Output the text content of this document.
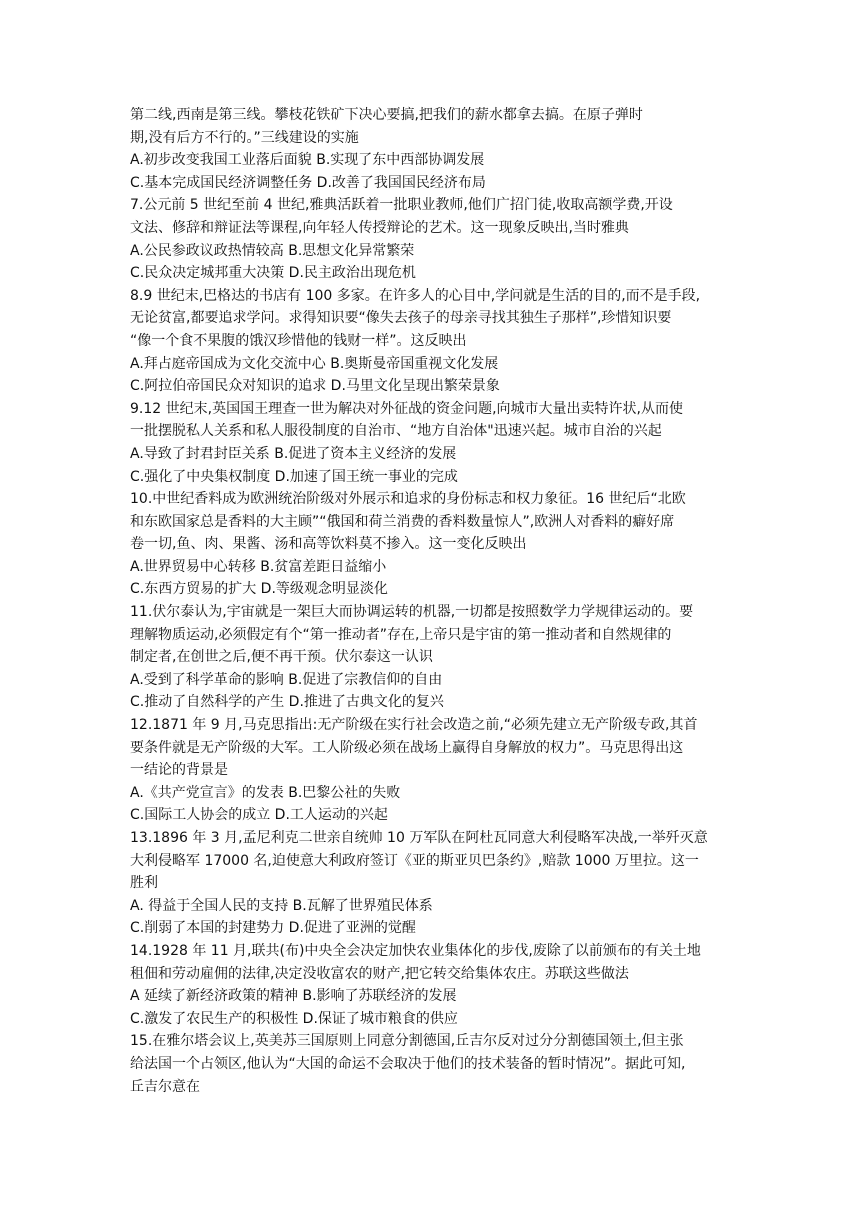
第二线,西南是第三线。攀枝花铁矿下决心要搞,把我们的薪水都拿去搞。在原子弹时
期,没有后方不行的。”三线建设的实施
A.初步改变我国工业落后面貌 B.实现了东中西部协调发展
C.基本完成国民经济调整任务 D.改善了我国国民经济布局
7.公元前 5 世纪至前 4 世纪,雅典活跃着一批职业教师,他们广招门徒,收取高额学费,开设
文法、修辞和辩证法等课程,向年轻人传授辩论的艺术。这一现象反映出,当时雅典
A.公民参政议政热情较高 B.思想文化异常繁荣
C.民众决定城邦重大决策 D.民主政治出现危机
8.9 世纪末,巴格达的书店有 100 多家。在许多人的心目中,学问就是生活的目的,而不是手段,
无论贫富,都要追求学问。求得知识要“像失去孩子的母亲寻找其独生子那样”,珍惜知识要
“像一个食不果腹的饿汉珍惜他的钱财一样”。这反映出
A.拜占庭帝国成为文化交流中心 B.奥斯曼帝国重视文化发展
C.阿拉伯帝国民众对知识的追求 D.马里文化呈现出繁荣景象
9.12 世纪末,英国国王理查一世为解决对外征战的资金问题,向城市大量出卖特许状,从而使
一批摆脱私人关系和私人服役制度的自治市、“地方自治体"迅速兴起。城市自治的兴起
A.导致了封君封臣关系 B.促进了资本主义经济的发展
C.强化了中央集权制度 D.加速了国王统一事业的完成
10.中世纪香料成为欧洲统治阶级对外展示和追求的身份标志和权力象征。16 世纪后“北欧
和东欧国家总是香料的大主顾”“俄国和荷兰消费的香料数量惊人”,欧洲人对香料的癖好席
卷一切,鱼、肉、果酱、汤和高等饮料莫不掺入。这一变化反映出
A.世界贸易中心转移 B.贫富差距日益缩小
C.东西方贸易的扩大 D.等级观念明显淡化
11.伏尔泰认为,宇宙就是一架巨大而协调运转的机器,一切都是按照数学力学规律运动的。要
理解物质运动,必须假定有个“第一推动者”存在,上帝只是宇宙的第一推动者和自然规律的
制定者,在创世之后,便不再干预。伏尔泰这一认识
A.受到了科学革命的影响 B.促进了宗教信仰的自由
C.推动了自然科学的产生 D.推进了古典文化的复兴
12.1871 年 9 月,马克思指出:无产阶级在实行社会改造之前,“必须先建立无产阶级专政,其首
要条件就是无产阶级的大军。工人阶级必须在战场上赢得自身解放的权力”。马克思得出这
一结论的背景是
A.《共产党宣言》的发表 B.巴黎公社的失败
C.国际工人协会的成立 D.工人运动的兴起
13.1896 年 3 月,孟尼利克二世亲自统帅 10 万军队在阿杜瓦同意大利侵略军决战,一举歼灭意
大利侵略军 17000 名,迫使意大利政府签订《亚的斯亚贝巴条约》,赔款 1000 万里拉。这一
胜利
A. 得益于全国人民的支持 B.瓦解了世界殖民体系
C.削弱了本国的封建势力 D.促进了亚洲的觉醒
14.1928 年 11 月,联共(布)中央全会决定加快农业集体化的步伐,废除了以前颁布的有关土地
租佃和劳动雇佣的法律,决定没收富农的财产,把它转交给集体农庄。苏联这些做法
A 延续了新经济政策的精神 B.影响了苏联经济的发展
C.激发了农民生产的积极性 D.保证了城市粮食的供应
15.在雅尔塔会议上,英美苏三国原则上同意分割德国,丘吉尔反对过分分割德国领土,但主张
给法国一个占领区,他认为“大国的命运不会取决于他们的技术装备的暂时情况”。据此可知,
丘吉尔意在
